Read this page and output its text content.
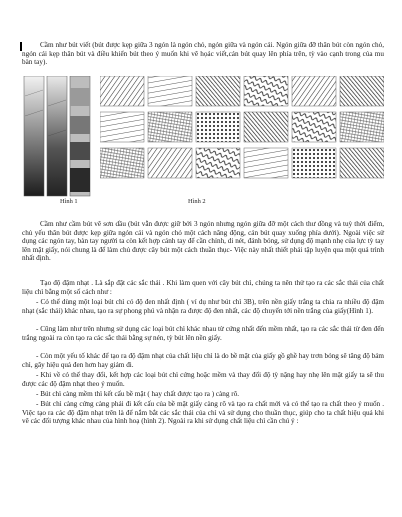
Cầm như bút viết (bút được kẹp giữa 3 ngón là ngón chỏ, ngón giữa và ngón cái. Ngón giữa đỡ thân bút còn ngón chỏ, ngón cái kẹp thân bút và điều khiển bút theo ý muốn khi vẽ họác viết,cán bút quay lên phía trên, tỳ vào cạnh trong của mu bàn tay).

Hình 1	Hình 2

Cầm như cầm bút vẽ sơn dầu (bút vẫn được giữ bởi 3 ngón nhưng ngón giữa đỡ một cách thư đồng và tuỳ thời điểm, chủ yếu thân bút được kẹp giữa ngón cái và ngón chỏ một cách năng động, cán bút quay xuống phía dưới). Ngoài việc sử dụng các ngón tay, bàn tay người ta còn kết hợp cánh tay để cần chỉnh, di nét, đánh bóng, sử dụng độ mạnh nhẹ của lực tỳ tay lên mặt giấy, nói chung là để làm chủ được cây bút một cách thuần thục- Việc này nhất thiết phải tập luyện qua một quá trình nhất định.

Tạo độ đậm nhạt . Là sắp đặt các sắc thái . Khi làm quen với cây bút chì, chúng ta nên thử tạo ra các sắc thái của chất liệu chì bằng một số cách như :

- Có thể dùng một loại bút chì có độ đen nhất định ( ví dụ như bút chì 3B), trên nền giấy trắng ta chia ra nhiều độ đậm nhạt (sắc thái) khác nhau, tạo ra sự phong phú và nhận ra được độ đen nhất, các độ chuyển tới nền trắng của giấy(Hình 1).

- Cũng làm như trên nhưng sử dụng các loại bút chì khác nhau từ cứng nhất đến mềm nhất, tạo ra các sắc thái từ đen đến trắng ngoài ra còn tạo ra các sắc thái bằng sự nén, tỳ bút lên nền giấy.

- Còn một yếu tố khác để tạo ra độ đậm nhạt của chất liệu chì là do bề mặt của giấy gồ ghề hay trơn bóng sẽ tăng độ bám chì, gây hiệu quả đen hơn hay giảm đi.

- Khi về có thể thay đổi, kết hợp các loại bút chì cứng hoặc mềm và thay đổi độ tỳ nặng hay nhẹ lên mặt giấy ta sẽ thu được các độ đậm nhạt theo ý muốn.

- Bút chì càng mềm thì kết cấu bề mặt ( hay chất được tạo ra ) càng rõ.

- Bút chì càng cứng càng phải đi kết cấu của bề mặt giấy càng rõ và tạo ra chất mới và có thể tạo ra chất theo ý muốn . Việc tạo ra các độ đậm nhạt trên là để nắm bắt các sắc thái của chì và sử dụng cho thuần thục, giúp cho ta chất hiệu quả khi vẽ các đối tượng khác nhau của hình hoạ (hình 2). Ngoài ra khi sử dụng chất liệu chì cần chú ý :
